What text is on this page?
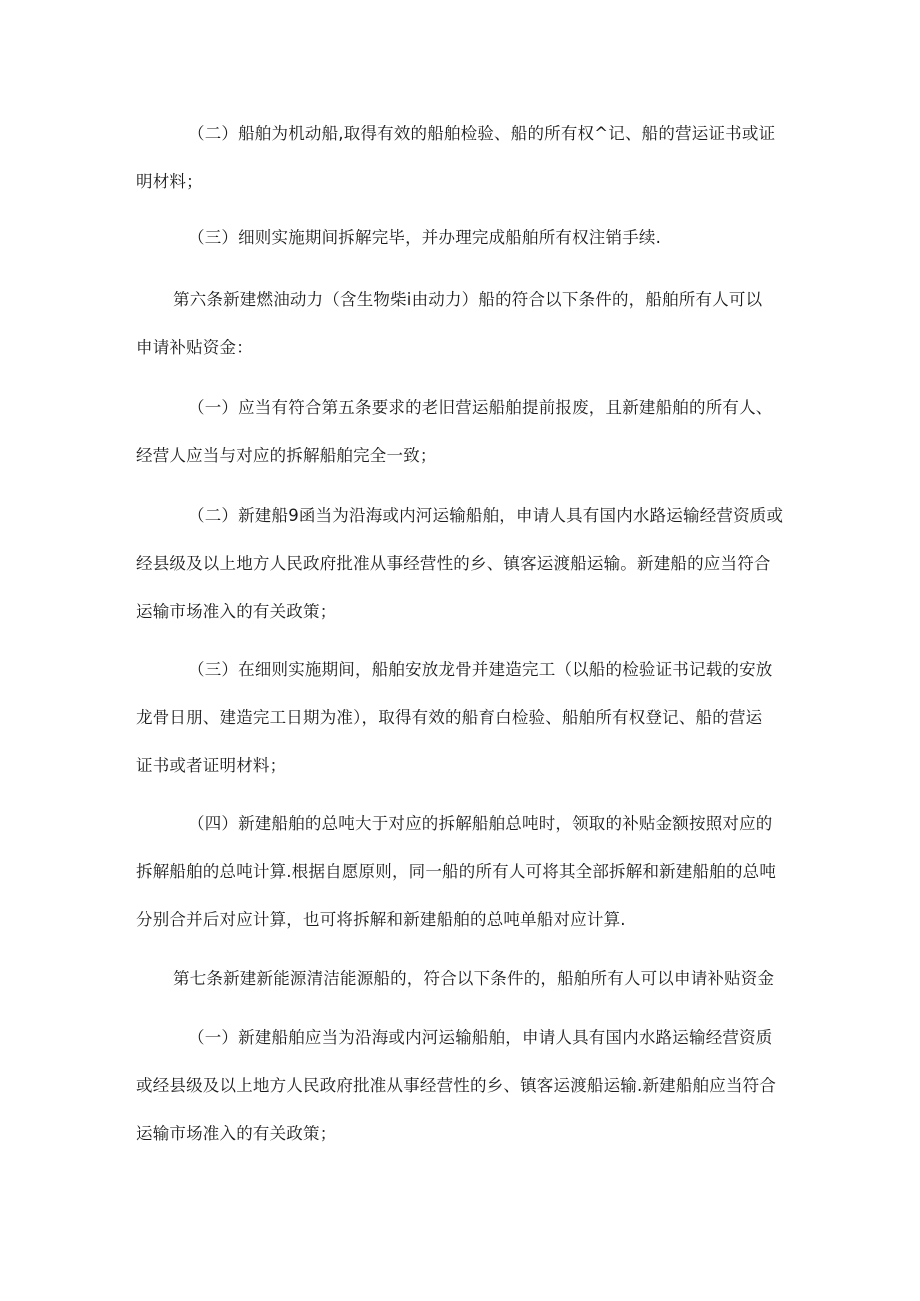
（二）船舶为机动船,取得有效的船舶检验、船的所有权^记、船的营运证书或证
明材料；
（三）细则实施期间拆解完毕，并办理完成船舶所有权注销手续.
第六条新建燃油动力（含生物柴i由动力）船的符合以下条件的，船舶所有人可以
申请补贴资金：
（一）应当有符合第五条要求的老旧营运船舶提前报废，且新建船舶的所有人、
经营人应当与对应的拆解船舶完全一致；
（二）新建船9函当为沿海或内河运输船舶，申请人具有国内水路运输经营资质或
经县级及以上地方人民政府批准从事经营性的乡、镇客运渡船运输。新建船的应当符合
运输市场准入的有关政策；
（三）在细则实施期间，船舶安放龙骨并建造完工（以船的检验证书记载的安放
龙骨日朋、建造完工日期为准），取得有效的船育白检验、船舶所有权登记、船的营运
证书或者证明材料；
（四）新建船舶的总吨大于对应的拆解船舶总吨时，领取的补贴金额按照对应的
拆解船舶的总吨计算.根据自愿原则，同一船的所有人可将其全部拆解和新建船舶的总吨
分别合并后对应计算，也可将拆解和新建船舶的总吨单船对应计算.
第七条新建新能源清洁能源船的，符合以下条件的，船舶所有人可以申请补贴资金
（一）新建船舶应当为沿海或内河运输船舶，申请人具有国内水路运输经营资质
或经县级及以上地方人民政府批准从事经营性的乡、镇客运渡船运输.新建船舶应当符合
运输市场准入的有关政策；
